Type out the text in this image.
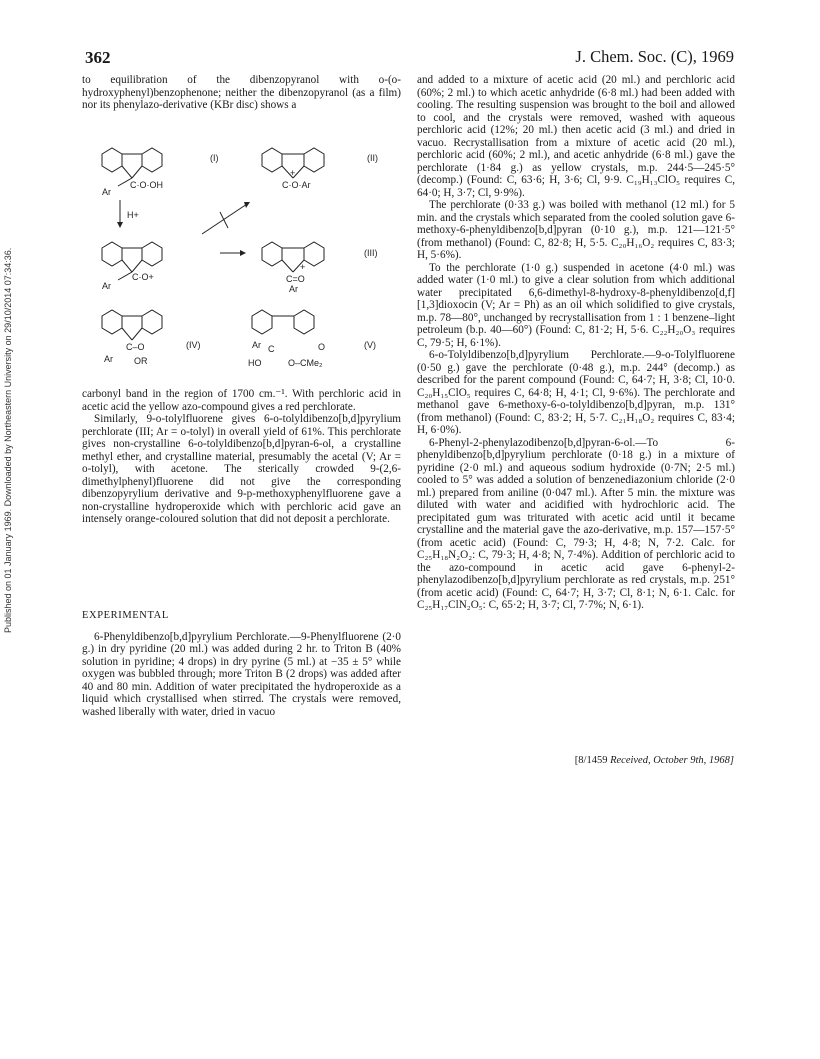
Published on 01 January 1969. Downloaded by Northeastern University on 29/10/2014 07:34:36.
362	J. Chem. Soc. (C), 1969

to equilibration of the dibenzopyranol with o-(o-hydroxyphenyl)benzophenone; neither the dibenzopyranol (as a film) nor its phenylazo-derivative (KBr disc) shows a

C·O·OH
Ar
(I)
H+
+
C·O·Ar
(II)
C·O+
Ar
+
C=O
Ar
(III)
C–O
Ar OR
(IV)	Ar C	O
HO	O–CMe₂
(V)

carbonyl band in the region of 1700 cm.⁻¹. With perchloric acid in acetic acid the yellow azo-compound gives a red perchlorate.

Similarly, 9-o-tolylfluorene gives 6-o-tolyldibenzo[b,d]pyrylium perchlorate (III; Ar = o-tolyl) in overall yield of 61%. This perchlorate gives non-crystalline 6-o-tolyldibenzo[b,d]pyran-6-ol, a crystalline methyl ether, and crystalline material, presumably the acetal (V; Ar = o-tolyl), with acetone. The sterically crowded 9-(2,6-dimethylphenyl)fluorene did not give the corresponding dibenzopyrylium derivative and 9-p-methoxyphenylfluorene gave a non-crystalline hydroperoxide which with perchloric acid gave an intensely orange-coloured solution that did not deposit a perchlorate.

EXPERIMENTAL

6-Phenyldibenzo[b,d]pyrylium Perchlorate.—9-Phenylfluorene (2·0 g.) in dry pyridine (20 ml.) was added during 2 hr. to Triton B (40% solution in pyridine; 4 drops) in dry pyrine (5 ml.) at −35 ± 5° while oxygen was bubbled through; more Triton B (2 drops) was added after 40 and 80 min. Addition of water precipitated the hydroperoxide as a liquid which crystallised when stirred. The crystals were removed, washed liberally with water, dried in vacuo

and added to a mixture of acetic acid (20 ml.) and perchloric acid (60%; 2 ml.) to which acetic anhydride (6·8 ml.) had been added with cooling. The resulting suspension was brought to the boil and allowed to cool, and the crystals were removed, washed with aqueous perchloric acid (12%; 20 ml.) then acetic acid (3 ml.) and dried in vacuo. Recrystallisation from a mixture of acetic acid (20 ml.), perchloric acid (60%; 2 ml.), and acetic anhydride (6·8 ml.) gave the perchlorate (1·84 g.) as yellow crystals, m.p. 244·5—245·5° (decomp.) (Found: C, 63·6; H, 3·6; Cl, 9·9. C₁₉H₁₃ClO₅ requires C, 64·0; H, 3·7; Cl, 9·9%).

The perchlorate (0·33 g.) was boiled with methanol (12 ml.) for 5 min. and the crystals which separated from the cooled solution gave 6-methoxy-6-phenyldibenzo[b,d]pyran (0·10 g.), m.p. 121—121·5° (from methanol) (Found: C, 82·8; H, 5·5. C₂₀H₁₆O₂ requires C, 83·3; H, 5·6%).

To the perchlorate (1·0 g.) suspended in acetone (4·0 ml.) was added water (1·0 ml.) to give a clear solution from which additional water precipitated 6,6-dimethyl-8-hydroxy-8-phenyldibenzo[d,f][1,3]dioxocin (V; Ar = Ph) as an oil which solidified to give crystals, m.p. 78—80°, unchanged by recrystallisation from 1 : 1 benzene–light petroleum (b.p. 40—60°) (Found: C, 81·2; H, 5·6. C₂₂H₂₀O₃ requires C, 79·5; H, 6·1%).

6-o-Tolyldibenzo[b,d]pyrylium Perchlorate.—9-o-Tolylfluorene (0·50 g.) gave the perchlorate (0·48 g.), m.p. 244° (decomp.) as described for the parent compound (Found: C, 64·7; H, 3·8; Cl, 10·0. C₂₀H₁₅ClO₅ requires C, 64·8; H, 4·1; Cl, 9·6%). The perchlorate and methanol gave 6-methoxy-6-o-tolyldibenzo[b,d]pyran, m.p. 131° (from methanol) (Found: C, 83·2; H, 5·7. C₂₁H₁₈O₂ requires C, 83·4; H, 6·0%).

6-Phenyl-2-phenylazodibenzo[b,d]pyran-6-ol.—To 6-phenyldibenzo[b,d]pyrylium perchlorate (0·18 g.) in a mixture of pyridine (2·0 ml.) and aqueous sodium hydroxide (0·7N; 2·5 ml.) cooled to 5° was added a solution of benzenediazonium chloride (2·0 ml.) prepared from aniline (0·047 ml.). After 5 min. the mixture was diluted with water and acidified with hydrochloric acid. The precipitated gum was triturated with acetic acid until it became crystalline and the material gave the azo-derivative, m.p. 157—157·5° (from acetic acid) (Found: C, 79·3; H, 4·8; N, 7·2. Calc. for C₂₅H₁₈N₂O₂: C, 79·3; H, 4·8; N, 7·4%). Addition of perchloric acid to the azo-compound in acetic acid gave 6-phenyl-2-phenylazodibenzo[b,d]pyrylium perchlorate as red crystals, m.p. 251° (from acetic acid) (Found: C, 64·7; H, 3·7; Cl, 8·1; N, 6·1. Calc. for C₂₅H₁₇ClN₂O₅: C, 65·2; H, 3·7; Cl, 7·7%; N, 6·1).

[8/1459 Received, October 9th, 1968]
